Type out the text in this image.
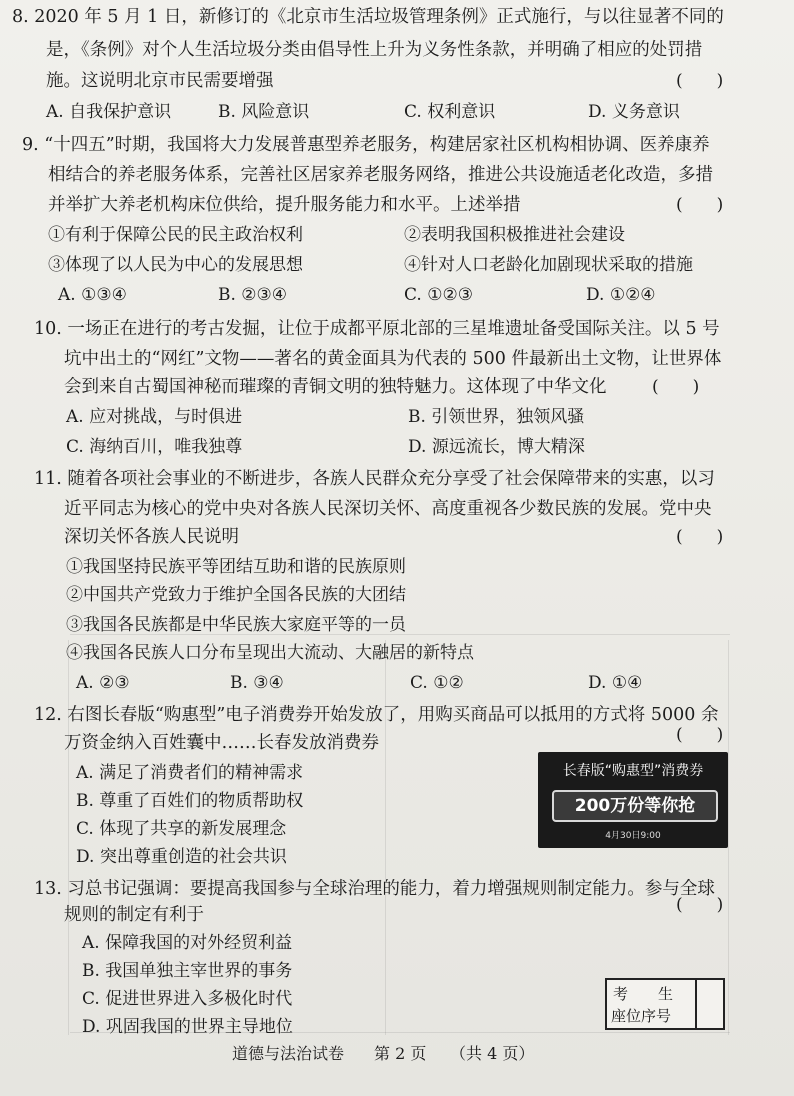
8. 2020 年 5 月 1 日，新修订的《北京市生活垃圾管理条例》正式施行，与以往显著不同的
是，《条例》对个人生活垃圾分类由倡导性上升为义务性条款，并明确了相应的处罚措
施。这说明北京市民需要增强	(　　)
A. 自我保护意识	B. 风险意识	C. 权利意识	D. 义务意识
9. “十四五”时期，我国将大力发展普惠型养老服务，构建居家社区机构相协调、医养康养
相结合的养老服务体系，完善社区居家养老服务网络，推进公共设施适老化改造，多措
并举扩大养老机构床位供给，提升服务能力和水平。上述举措	(　　)
①有利于保障公民的民主政治权利	②表明我国积极推进社会建设
③体现了以人民为中心的发展思想	④针对人口老龄化加剧现状采取的措施
A. ①③④	B. ②③④	C. ①②③	D. ①②④
10. 一场正在进行的考古发掘，让位于成都平原北部的三星堆遗址备受国际关注。以 5 号
坑中出土的“网红”文物——著名的黄金面具为代表的 500 件最新出土文物，让世界体
会到来自古蜀国神秘而璀璨的青铜文明的独特魅力。这体现了中华文化	(　　)
A. 应对挑战，与时俱进	B. 引领世界，独领风骚
C. 海纳百川，唯我独尊	D. 源远流长，博大精深
11. 随着各项社会事业的不断进步，各族人民群众充分享受了社会保障带来的实惠，以习
近平同志为核心的党中央对各族人民深切关怀、高度重视各少数民族的发展。党中央
深切关怀各族人民说明	(　　)
①我国坚持民族平等团结互助和谐的民族原则
②中国共产党致力于维护全国各民族的大团结
③我国各民族都是中华民族大家庭平等的一员
④我国各民族人口分布呈现出大流动、大融居的新特点
A. ②③	B. ③④	C. ①②	D. ①④
12. 右图长春版“购惠型”电子消费券开始发放了，用购买商品可以抵用的方式将 5000 余
万资金纳入百姓囊中……长春发放消费券	(　　)
A. 满足了消费者们的精神需求
B. 尊重了百姓们的物质帮助权
C. 体现了共享的新发展理念
D. 突出尊重创造的社会共识
长春版“购惠型”消费券
200万份等你抢
4月30日9:00
13. 习总书记强调：要提高我国参与全球治理的能力，着力增强规则制定能力。参与全球
规则的制定有利于	(　　)
A. 保障我国的对外经贸利益
B. 我国单独主宰世界的事务
C. 促进世界进入多极化时代
D. 巩固我国的世界主导地位
考　　生
座位序号
道德与法治试卷 第 2 页 （共 4 页）
